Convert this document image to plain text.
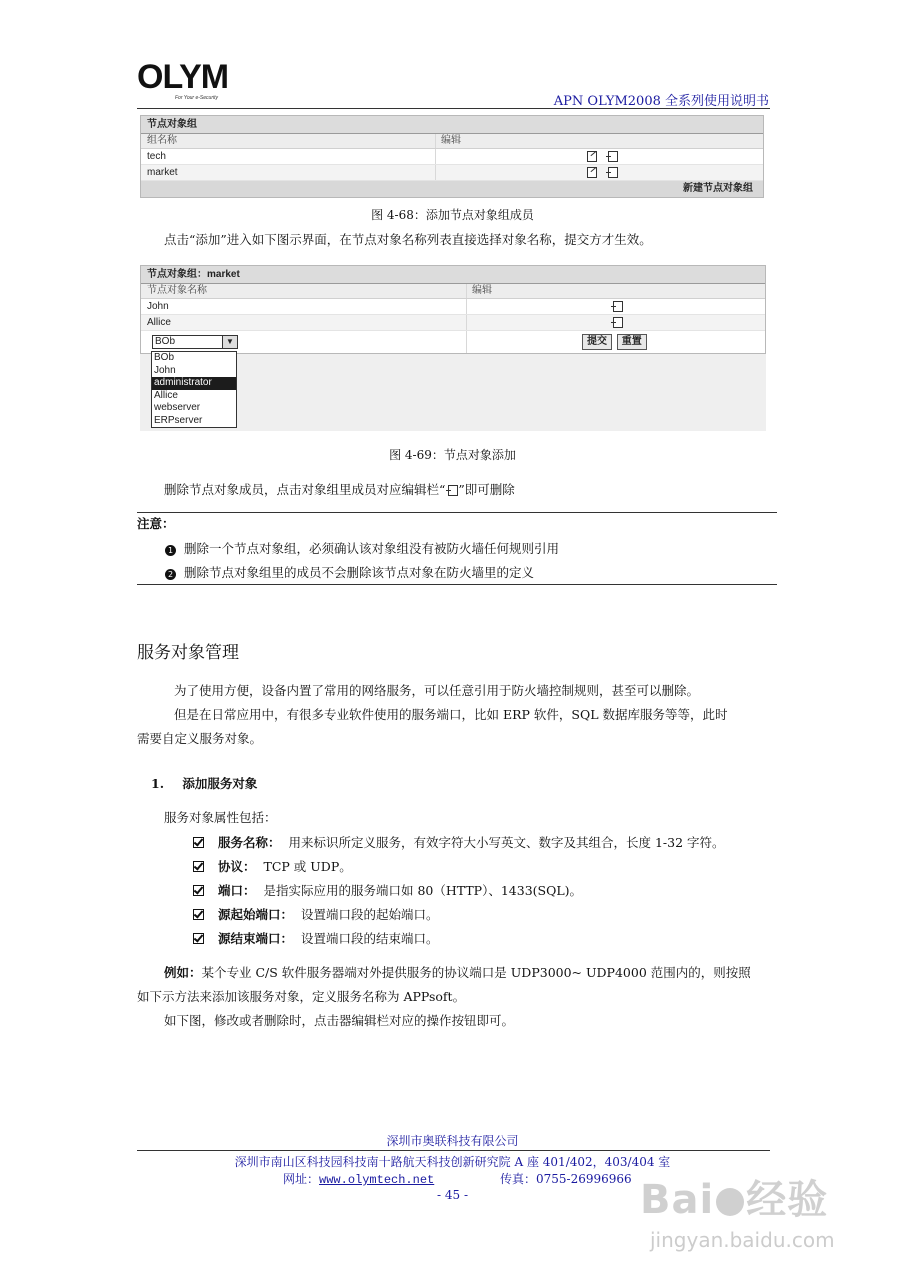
OLYM
For Your e-Security	APN OLYM2008 全系列使用说明书
节点对象组
组名称	编辑
tech

market

新建节点对象组
图 4-68：添加节点对象组成员
点击“添加”进入如下图示界面，在节点对象名称列表直接选择对象名称，提交方才生效。
节点对象组：market
节点对象名称	编辑
John
Allice
BOb	▼	提交 重置
BOb
John
administrator
Allice
webserver
ERPserver
图 4-69：节点对象添加
删除节点对象成员，点击对象组里成员对应编辑栏“ ”即可删除
注意：
1 删除一个节点对象组，必须确认该对象组没有被防火墙任何规则引用
2 删除节点对象组里的成员不会删除该节点对象在防火墙里的定义
服务对象管理
为了使用方便，设备内置了常用的网络服务，可以任意引用于防火墙控制规则，甚至可以删除。
但是在日常应用中，有很多专业软件使用的服务端口，比如 ERP 软件，SQL 数据库服务等等，此时
需要自定义服务对象。
1. 添加服务对象
服务对象属性包括：
服务名称： 用来标识所定义服务，有效字符大小写英文、数字及其组合，长度 1-32 字符。
协议： TCP 或 UDP。
端口： 是指实际应用的服务端口如 80（HTTP）、1433(SQL)。
源起始端口： 设置端口段的起始端口。
源结束端口： 设置端口段的结束端口。
例如：某个专业 C/S 软件服务器端对外提供服务的协议端口是 UDP3000~ UDP4000 范围内的，则按照
如下示方法来添加该服务对象，定义服务名称为 APPsoft。
如下图，修改或者删除时，点击器编辑栏对应的操作按钮即可。
深圳市奥联科技有限公司
深圳市南山区科技园科技南十路航天科技创新研究院 A 座 401/402，403/404 室
网址：www.olymtech.net	传真：0755-26996966
- 45 -	Bai 经验
jingyan.baidu.com
